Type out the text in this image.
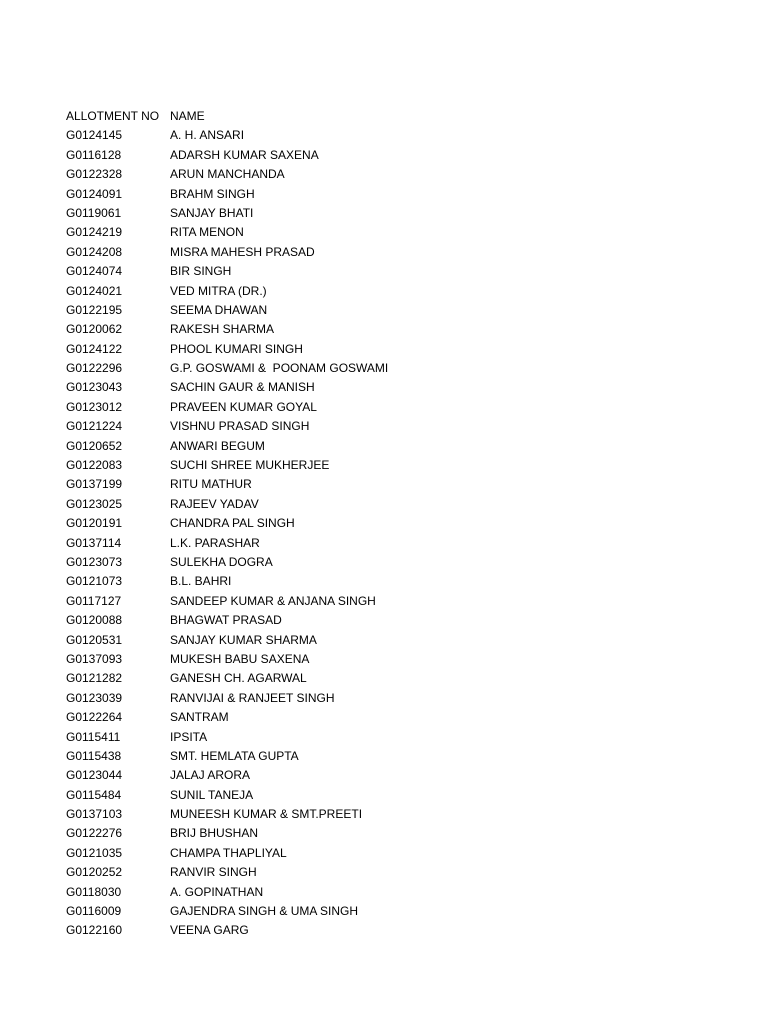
ALLOTMENT NO NAME
G0124145	A. H. ANSARI
G0116128	ADARSH KUMAR SAXENA
G0122328	ARUN MANCHANDA
G0124091	BRAHM SINGH
G0119061	SANJAY BHATI
G0124219	RITA MENON
G0124208	MISRA MAHESH PRASAD
G0124074	BIR SINGH
G0124021	VED MITRA (DR.)
G0122195	SEEMA DHAWAN
G0120062	RAKESH SHARMA
G0124122	PHOOL KUMARI SINGH
G0122296	G.P. GOSWAMI &  POONAM GOSWAMI
G0123043	SACHIN GAUR & MANISH
G0123012	PRAVEEN KUMAR GOYAL
G0121224	VISHNU PRASAD SINGH
G0120652	ANWARI BEGUM
G0122083	SUCHI SHREE MUKHERJEE
G0137199	RITU MATHUR
G0123025	RAJEEV YADAV
G0120191	CHANDRA PAL SINGH
G0137114	L.K. PARASHAR
G0123073	SULEKHA DOGRA
G0121073	B.L. BAHRI
G0117127	SANDEEP KUMAR & ANJANA SINGH
G0120088	BHAGWAT PRASAD
G0120531	SANJAY KUMAR SHARMA
G0137093	MUKESH BABU SAXENA
G0121282	GANESH CH. AGARWAL
G0123039	RANVIJAI & RANJEET SINGH
G0122264	SANTRAM
G0115411	IPSITA
G0115438	SMT. HEMLATA GUPTA
G0123044	JALAJ ARORA
G0115484	SUNIL TANEJA
G0137103	MUNEESH KUMAR & SMT.PREETI
G0122276	BRIJ BHUSHAN
G0121035	CHAMPA THAPLIYAL
G0120252	RANVIR SINGH
G0118030	A. GOPINATHAN
G0116009	GAJENDRA SINGH & UMA SINGH
G0122160	VEENA GARG
